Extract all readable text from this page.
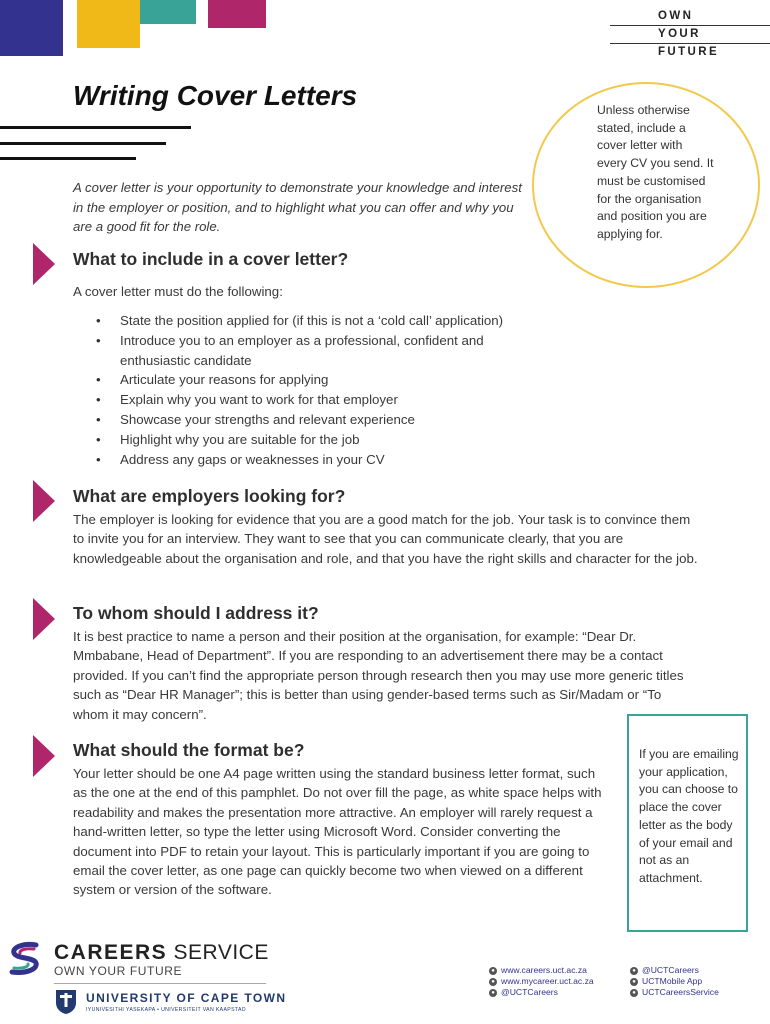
OWN
YOUR
FUTURE
Writing Cover Letters
A cover letter is your opportunity to demonstrate your knowledge and interest in the employer or position, and to highlight what you can offer and why you are a good fit for the role.
Unless otherwise stated, include a cover letter with every CV you send. It must be customised for the organisation and position you are applying for.
What to include in a cover letter?
A cover letter must do the following:
• State the position applied for (if this is not a ‘cold call’ application)
• Introduce you to an employer as a professional, confident and enthusiastic candidate
• Articulate your reasons for applying
• Explain why you want to work for that employer
• Showcase your strengths and relevant experience
• Highlight why you are suitable for the job
• Address any gaps or weaknesses in your CV
What are employers looking for?
The employer is looking for evidence that you are a good match for the job. Your task is to convince them to invite you for an interview. They want to see that you can communicate clearly, that you are knowledgeable about the organisation and role, and that you have the right skills and character for the job.
To whom should I address it?
It is best practice to name a person and their position at the organisation, for example: “Dear Dr. Mmbabane, Head of Department”. If you are responding to an advertisement there may be a contact provided. If you can’t find the appropriate person through research then you may use more generic titles such as “Dear HR Manager”; this is better than using gender-based terms such as Sir/Madam or “To whom it may concern”.
What should the format be?
Your letter should be one A4 page written using the standard business letter format, such as the one at the end of this pamphlet. Do not over fill the page, as white space helps with readability and makes the presentation more attractive. An employer will rarely request a hand-written letter, so type the letter using Microsoft Word. Consider converting the document into PDF to retain your layout. This is particularly important if you are going to email the cover letter, as one page can quickly become two when viewed on a different system or version of the software.
If you are emailing your application, you can choose to place the cover letter as the body of your email and not as an attachment.
CAREERS SERVICE
OWN YOUR FUTURE
UNIVERSITY OF CAPE TOWN
IYUNIVESITHI YASEKAPA • UNIVERSITEIT VAN KAAPSTAD
● www.careers.uct.ac.za
● www.mycareer.uct.ac.za
● @UCTCareers
● @UCTCareers
● UCTMobile App
● UCTCareersService
